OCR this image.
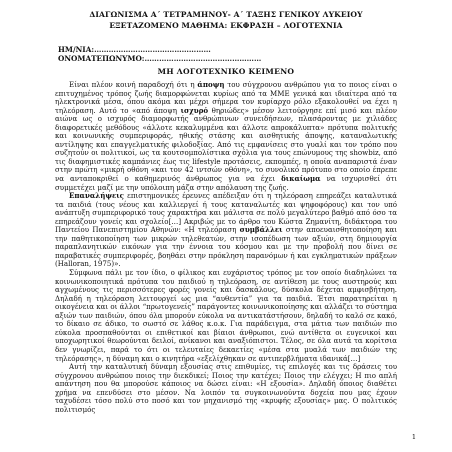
ΔΙΑΓΩΝΙΣΜΑ Α΄ ΤΕΤΡΑΜΗΝΟΥ- Α΄ ΤΑΞΗΣ ΓΕΝΙΚΟΥ ΛΥΚΕΙΟΥ
ΕΞΕΤΑΖΟΜΕΝΟ ΜΑΘΗΜΑ: ΕΚΦΡΑΣΗ – ΛΟΓΟΤΕΧΝΙΑ
ΗΜ/ΝΙΑ:…………………………………………
ΟΝΟΜΑΤΕΠΩΝΥΜΟ:…………………………………………
ΜΗ ΛΟΓΟΤΕΧΝΙΚΟ ΚΕΙΜΕΝΟ

Είναι πλέον κοινή παραδοχή ότι η άποψη του σύγχρονου ανθρώπου για το ποιος είναι ο επιτυχημένος τρόπος ζωής διαμορφώνεται κυρίως από τα ΜΜΕ γενικά και ιδιαίτερα από τα ηλεκτρονικά μέσα, όπου ακόμα και μέχρι σήμερα τον κυρίαρχο ρόλο εξακολουθεί να έχει η τηλεόραση. Αυτό το «από άποψη ισχυρό θηριώδες» μέσον λειτούργησε επί μισό και πλέον αιώνα ως ο ισχυρός διαμορφωτής ανθρώπινων συνειδήσεων, πλασάροντας με χιλιάδες διαφορετικές μεθόδους «άλλοτε κεκαλυμμένα και άλλοτε απροκάλυπτα» πρότυπα πολιτικής και κοινωνικής συμπεριφοράς, ηθικής στάσης και αισθητικής άποψης, καταναλωτικής αντίληψης και επαγγελματικής φιλοδοξίας. Από τις εμφανίσεις στο γυαλί και τον τρόπο που συζητούν οι πολιτικοί, ως τα κουτσομπολίστικα σχόλια για τους επώνυμους της showbiz, από τις διαφημιστικές καμπάνιες έως τις lifestyle προτάσεις, εκπομπές, η οποία αναπαριστά έναν στην πρώτη «μικρή οθόνη «και τον 42 ιντσών οθόνη», το συνολικό πρότυπο στο οποίο έπρεπε να ανταποκριθεί ο καθημερινός άνθρωπος για να έχει δικαίωμα να ισχυρισθεί ότι συμμετέχει μαζί με την υπόλοιπη μάζα στην απόλαυση της ζωής.

Επαναλήψεις επιστημονικές έρευνες απέδειξαν ότι η τηλεόραση επηρεάζει καταλυτικά τα παιδιά (τους νέους και καλλιεργεί ή τους καταναλωτές και ψηφοφόρους) και τον υπό ανάπτυξη συμπεριφορικό τους χαρακτήρα και μάλιστα σε πολύ μεγαλύτερο βαθμό από όσο τα επηρεάζουν γονείς και σχολείο[…] Ακριβώς με το άρθρο του Κώστα Ζημανίτη, διδάκτορα του Παντείου Πανεπιστημίου Αθηνών: «Η τηλεόραση συμβάλλει στην αποευαισθητοποίηση και την παθητικοποίηση των μικρών τηλεθεατών, στην ισοπέδωση των αξιών, στη δημιουργία παραπλανητικών εικόνων για την έννοια του κόσμου και με την προβολή που δίνει σε παραβατικές συμπεριφορές, βοηθάει στην πρόκληση παρανόμων ή και εγκληματικών πράξεων (Halloran, 1975)».

Σύμφωνα πάλι με τον ίδιο, ο φίλικος και ευχάριστος τρόπος με τον οποίο διαδηλώνει τα κοινωνικοποιητικά πρότυπα του παιδιού η τηλεόραση, σε αντίθεση με τους αυστηρούς και αγχωμένους τις περισσότερες φορές γονείς και δασκάλους, δύσκολα δέχεται αμφισβήτηση. Δηλαδή η τηλεόραση λειτουργεί ως μια “αυθεντία” για τα παιδιά. Έτσι παρατηρείται η οικογένεια και οι άλλοι “πρωτογενείς” παράγοντες κοινωνικοποίησης και αλλάζει το σύστημα αξιών των παιδιών, όπου όλα μπορούν εύκολα να αντικατάστήσουν, δηλαδή το καλό σε κακό, το δίκαιο σε άδικο, το σωστό σε λάθος κ.ο.κ. Για παράδειγμα, στα μάτια των παιδιών πιο εύκολα προσπαθούνται οι επιθετικοί και βίαιοι άνθρωποι, ενώ αντίθετα οι ευγενικοί και υποχωρητικοί θεωρούνται δειλοί, ανίκανοι και αναξιόπιστοι. Τέλος, σε όλα αυτά τα κορίτσια δεν γνωρίζει, παρά το ότι οι τελευταίες δεκαετίες «μέσα στα μυαλά των παιδιών της τηλεόρασης», η δύναμη και ο κινητήρα «εξελίχθηκαν σε αντιπερβλήματα ιδανικά[…]

Αυτή την καταλυτική δύναμη εξουσίας στις επιθυμίες, τις επιλογές και τις δράσεις του σύγχρονου ανθρώπου ποιος την διεκδικεί; Ποιος την κατέχει; Ποιος την ελέγχει; Η πιο απλή απάντηση που θα μπορούσε κάποιος να δώσει είναι: «Η εξουσία». Δηλαδή όποιος διαθέτει χρήμα να επενδύσει στο μέσον. Να λοιπόν τα συγκοινωνούντα δοχεία που μας έχουν ταχυδέσει τόσο πολύ στο ποσό και τον μηχανισμό της «κρυφής εξουσίας» μας. Ο πολιτικός πολιτισμός

1
